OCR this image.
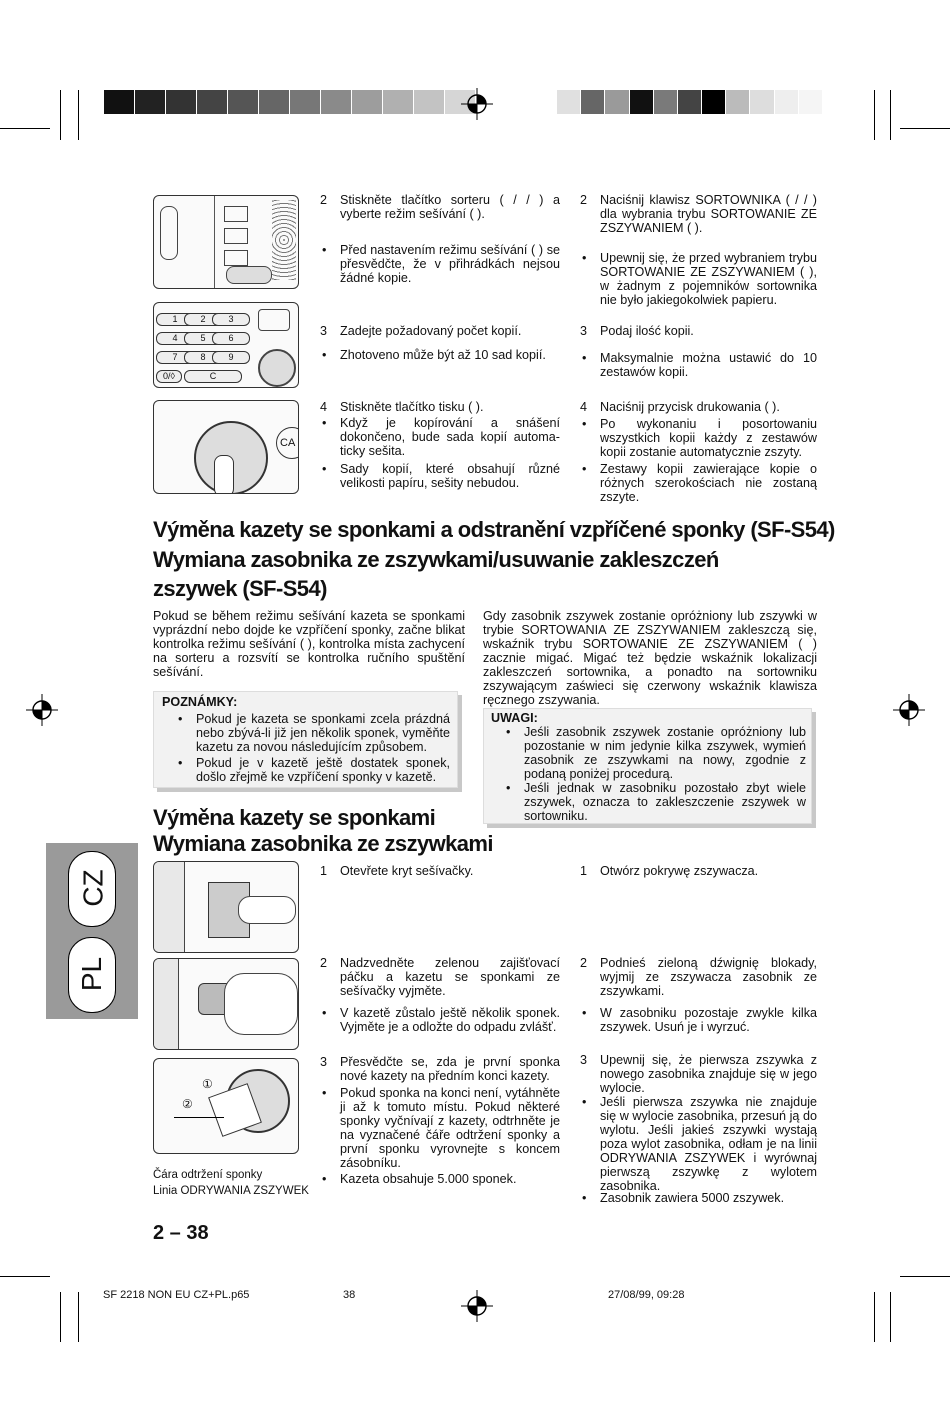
1	2	3
4	5	6
7	8	9
0/◊	C
CA
2 Stiskněte tlačítko sorteru ( / / ) a vyberte režim sešívání ( ).
• Před nastavením režimu sešívání ( ) se přesvědčte, že v přihrádkách nejsou žádné kopie.
3 Zadejte požadovaný počet kopií.
• Zhotoveno může být až 10 sad kopií.
4 Stiskněte tlačítko tisku ( ).
• Když je kopírování a snášení dokončeno, bude sada kopií automaticky sešita.
• Sady kopií, které obsahují různé velikosti papíru, sešity nebudou.
2 Naciśnij klawisz SORTOWNIKA ( / / ) dla wybrania trybu SORTOWANIE ZE ZSZYWANIEM ( ).
• Upewnij się, że przed wybraniem trybu SORTOWANIE ZE ZSZYWANIEM ( ), w żadnym z pojemników sortownika nie było jakiegokolwiek papieru.
3 Podaj ilość kopii.
• Maksymalnie można ustawić do 10 zestawów kopii.
4 Naciśnij przycisk drukowania ( ).
• Po wykonaniu i posortowaniu wszystkich kopii każdy z zestawów kopii zostanie automatycznie zszyty.
• Zestawy kopii zawierające kopie o różnych szerokościach nie zostaną zszyte.
Výměna kazety se sponkami a odstranění vzpříčené sponky (SF-S54)
Wymiana zasobnika ze zszywkami/usuwanie zakleszczeń
zszywek (SF-S54)
Pokud se během režimu sešívání kazeta se sponkami vyprázdní nebo dojde ke vzpříčení sponky, začne blikat kontrolka režimu sešívání ( ), kontrolka místa zachycení na sorteru a rozsvítí se kontrolka ručního spuštění sešívání.
Gdy zasobnik zszywek zostanie opróżniony lub zszywki w trybie SORTOWANIA ZE ZSZYWANIEM zakleszczą się, wskaźnik trybu SORTOWANIE ZE ZSZYWANIEM ( ) zacznie migać. Migać też będzie wskaźnik lokalizacji zakleszczeń sortownika, a ponadto na sortowniku zszywającym zaświeci się czerwony wskaźnik klawisza ręcznego zszywania.
POZNÁMKY:
• Pokud je kazeta se sponkami zcela prázdná nebo zbývá-li již jen několik sponek, vyměňte kazetu za novou následujícím způsobem.
• Pokud je v kazetě ještě dostatek sponek, došlo zřejmě ke vzpříčení sponky v kazetě.
UWAGI:
• Jeśli zasobnik zszywek zostanie opróżniony lub pozostanie w nim jedynie kilka zszywek, wymień zasobnik ze zszywkami na nowy, zgodnie z podaną poniżej procedurą.
• Jeśli jednak w zasobniku pozostało zbyt wiele zszywek, oznacza to zakleszczenie zszywek w sortowniku.
Výměna kazety se sponkami
Wymiana zasobnika ze zszywkami
CZ
PL
①
②
Čára odtržení sponky
Linia ODRYWANIA ZSZYWEK
1 Otevřete kryt sešívačky.
2 Nadzvedněte zelenou zajišťovací páčku a kazetu se sponkami ze sešívačky vyjměte.
• V kazetě zůstalo ještě několik sponek. Vyjměte je a odložte do odpadu zvlášť.
3 Přesvědčte se, zda je první sponka nové kazety na předním konci kazety.
• Pokud sponka na konci není, vytáhněte ji až k tomuto místu. Pokud některé sponky vyčnívají z kazety, odtrhněte je na vyznačené čáře odtržení sponky a první sponku vyrovnejte s koncem zásobníku.
• Kazeta obsahuje 5.000 sponek.
1 Otwórz pokrywę zszywacza.
2 Podnieś zieloną dźwignię blokady, wyjmij ze zszywacza zasobnik ze zszywkami.
• W zasobniku pozostaje zwykle kilka zszywek. Usuń je i wyrzuć.
3 Upewnij się, że pierwsza zszywka z nowego zasobnika znajduje się w jego wylocie.
• Jeśli pierwsza zszywka nie znajduje się w wylocie zasobnika, przesuń ją do wylotu. Jeśli jakieś zszywki wystają poza wylot zasobnika, odłam je na linii ODRYWANIA ZSZYWEK i wyrównaj pierwszą zszywkę z wylotem zasobnika.
• Zasobnik zawiera 5000 zszywek.
2 – 38
SF 2218 NON EU CZ+PL.p65	38	27/08/99, 09:28
